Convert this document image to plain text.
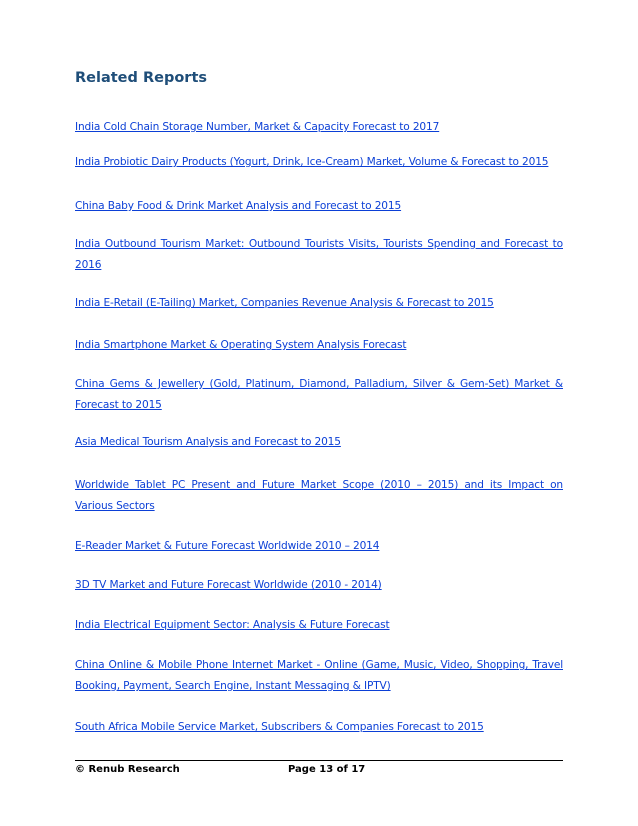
Related Reports
India Cold Chain Storage Number, Market & Capacity Forecast to 2017
India Probiotic Dairy Products (Yogurt, Drink, Ice-Cream) Market, Volume & Forecast to 2015
China Baby Food & Drink Market Analysis and Forecast to 2015
India Outbound Tourism Market: Outbound Tourists Visits, Tourists Spending and Forecast to 2016
India E-Retail (E-Tailing) Market, Companies Revenue Analysis & Forecast to 2015
India Smartphone Market & Operating System Analysis Forecast
China Gems & Jewellery (Gold, Platinum, Diamond, Palladium, Silver & Gem-Set) Market & Forecast to 2015
Asia Medical Tourism Analysis and Forecast to 2015
Worldwide Tablet PC Present and Future Market Scope (2010 – 2015) and its Impact on Various Sectors
E-Reader Market & Future Forecast Worldwide 2010 – 2014
3D TV Market and Future Forecast Worldwide (2010 - 2014)
India Electrical Equipment Sector: Analysis & Future Forecast
China Online & Mobile Phone Internet Market - Online (Game, Music, Video, Shopping, Travel Booking, Payment, Search Engine, Instant Messaging & IPTV)
South Africa Mobile Service Market, Subscribers & Companies Forecast to 2015
© Renub Research	Page 13 of 17
